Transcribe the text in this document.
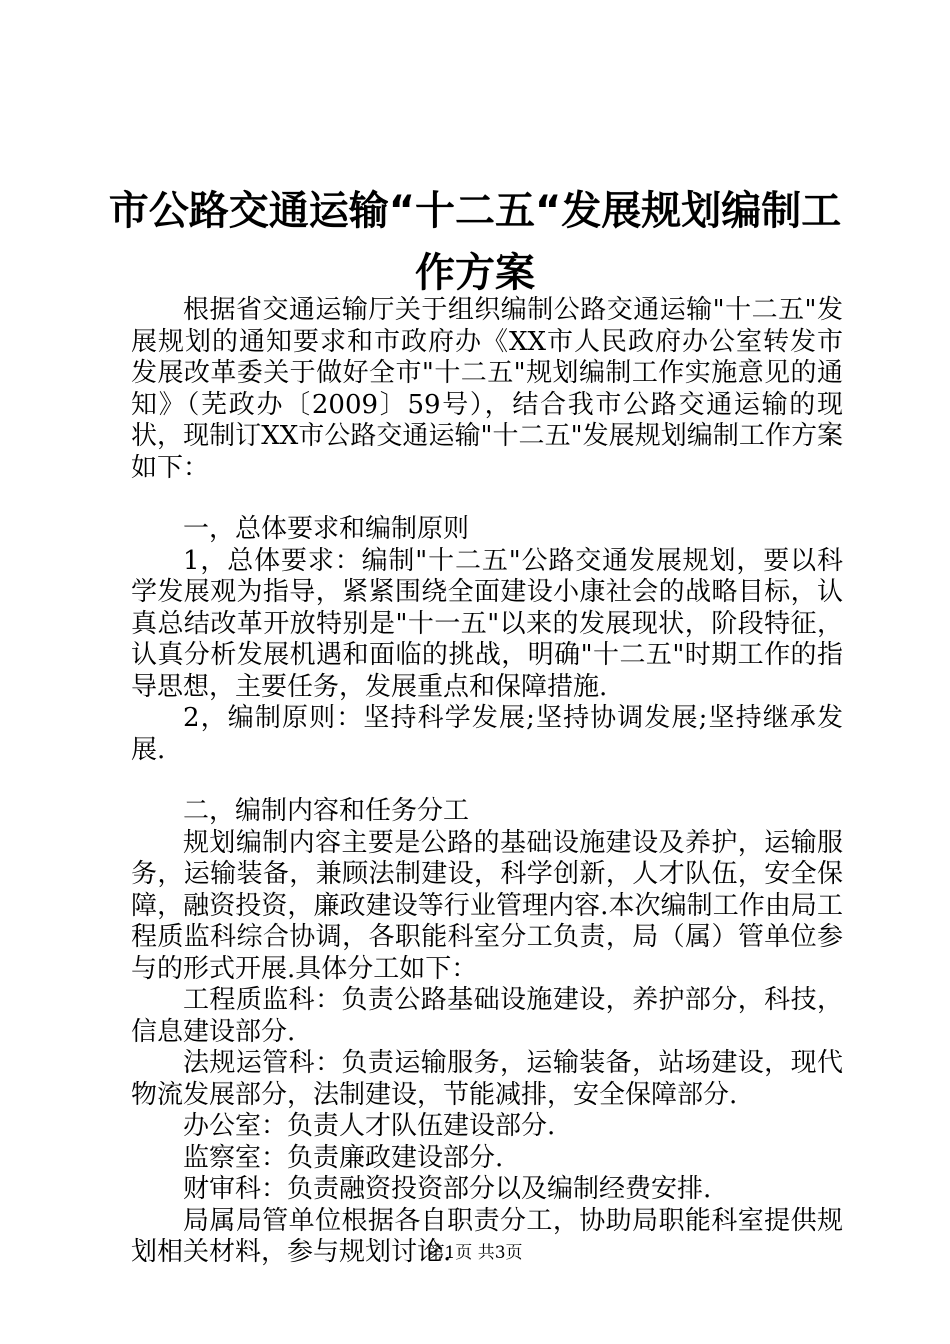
市公路交通运输“十二五“发展规划编制工作方案

根据省交通运输厅关于组织编制公路交通运输"十二五"发展规划的通知要求和市政府办《XX市人民政府办公室转发市发展改革委关于做好全市"十二五"规划编制工作实施意见的通知》（芜政办〔2009〕59号），结合我市公路交通运输的现状，现制订XX市公路交通运输"十二五"发展规划编制工作方案如下：

一，总体要求和编制原则

1，总体要求：编制"十二五"公路交通发展规划，要以科学发展观为指导，紧紧围绕全面建设小康社会的战略目标，认真总结改革开放特别是"十一五"以来的发展现状，阶段特征，认真分析发展机遇和面临的挑战，明确"十二五"时期工作的指导思想，主要任务，发展重点和保障措施.

2，编制原则：坚持科学发展;坚持协调发展;坚持继承发展.

二，编制内容和任务分工

规划编制内容主要是公路的基础设施建设及养护，运输服务，运输装备，兼顾法制建设，科学创新，人才队伍，安全保障，融资投资，廉政建设等行业管理内容.本次编制工作由局工程质监科综合协调，各职能科室分工负责，局（属）管单位参与的形式开展.具体分工如下：

工程质监科：负责公路基础设施建设，养护部分，科技，信息建设部分.

法规运管科：负责运输服务，运输装备，站场建设，现代物流发展部分，法制建设，节能减排，安全保障部分.

办公室：负责人才队伍建设部分.

监察室：负责廉政建设部分.

财审科：负责融资投资部分以及编制经费安排.

局属局管单位根据各自职责分工，协助局职能科室提供规划相关材料，参与规划讨论.

第1页 共3页
